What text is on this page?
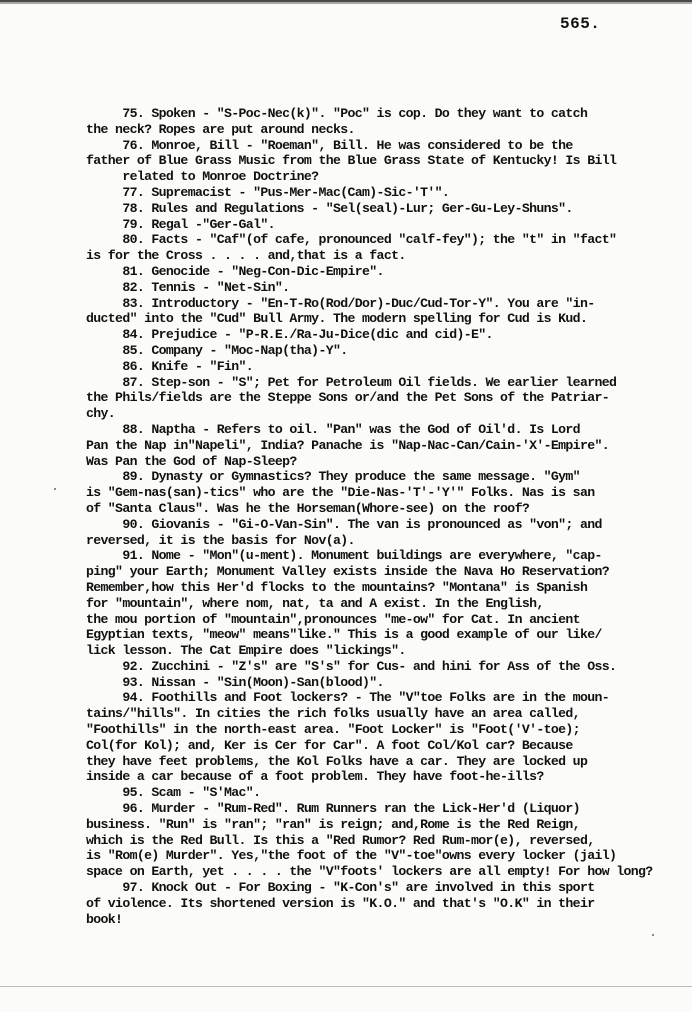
565.
75. Spoken - "S-Poc-Nec(k)". "Poc" is cop. Do they want to catch
the neck? Ropes are put around necks.
76. Monroe, Bill - "Roeman", Bill. He was considered to be the
father of Blue Grass Music from the Blue Grass State of Kentucky! Is Bill
related to Monroe Doctrine?
77. Supremacist - "Pus-Mer-Mac(Cam)-Sic-'T'".
78. Rules and Regulations - "Sel(seal)-Lur; Ger-Gu-Ley-Shuns".
79. Regal -"Ger-Gal".
80. Facts - "Caf"(of cafe, pronounced "calf-fey"); the "t" in "fact"
is for the Cross . . . . and,that is a fact.
81. Genocide - "Neg-Con-Dic-Empire".
82. Tennis - "Net-Sin".
83. Introductory - "En-T-Ro(Rod/Dor)-Duc/Cud-Tor-Y". You are "in-
ducted" into the "Cud" Bull Army. The modern spelling for Cud is Kud.
84. Prejudice - "P-R.E./Ra-Ju-Dice(dic and cid)-E".
85. Company - "Moc-Nap(tha)-Y".
86. Knife - "Fin".
87. Step-son - "S"; Pet for Petroleum Oil fields. We earlier learned
the Phils/fields are the Steppe Sons or/and the Pet Sons of the Patriar-
chy.
88. Naptha - Refers to oil. "Pan" was the God of Oil'd. Is Lord
Pan the Nap in"Napeli", India? Panache is "Nap-Nac-Can/Cain-'X'-Empire".
Was Pan the God of Nap-Sleep?
89. Dynasty or Gymnastics? They produce the same message. "Gym"
is "Gem-nas(san)-tics" who are the "Die-Nas-'T'-'Y'" Folks. Nas is san
of "Santa Claus". Was he the Horseman(Whore-see) on the roof?
90. Giovanis - "Gi-O-Van-Sin". The van is pronounced as "von"; and
reversed, it is the basis for Nov(a).
91. Nome - "Mon"(u-ment). Monument buildings are everywhere, "cap-
ping" your Earth; Monument Valley exists inside the Nava Ho Reservation?
Remember,how this Her'd flocks to the mountains? "Montana" is Spanish
for "mountain", where nom, nat, ta and A exist. In the English,
the mou portion of "mountain",pronounces "me-ow" for Cat. In ancient
Egyptian texts, "meow" means"like." This is a good example of our like/
lick lesson. The Cat Empire does "lickings".
92. Zucchini - "Z's" are "S's" for Cus- and hini for Ass of the Oss.
93. Nissan - "Sin(Moon)-San(blood)".
94. Foothills and Foot lockers? - The "V"toe Folks are in the moun-
tains/"hills". In cities the rich folks usually have an area called,
"Foothills" in the north-east area. "Foot Locker" is "Foot('V'-toe);
Col(for Kol); and, Ker is Cer for Car". A foot Col/Kol car? Because
they have feet problems, the Kol Folks have a car. They are locked up
inside a car because of a foot problem. They have foot-he-ills?
95. Scam - "S'Mac".
96. Murder - "Rum-Red". Rum Runners ran the Lick-Her'd (Liquor)
business. "Run" is "ran"; "ran" is reign; and,Rome is the Red Reign,
which is the Red Bull. Is this a "Red Rumor? Red Rum-mor(e), reversed,
is "Rom(e) Murder". Yes,"the foot of the "V"-toe"owns every locker (jail)
space on Earth, yet . . . . the "V"foots' lockers are all empty! For how long?
97. Knock Out - For Boxing - "K-Con's" are involved in this sport
of violence. Its shortened version is "K.O." and that's "O.K" in their
book!
